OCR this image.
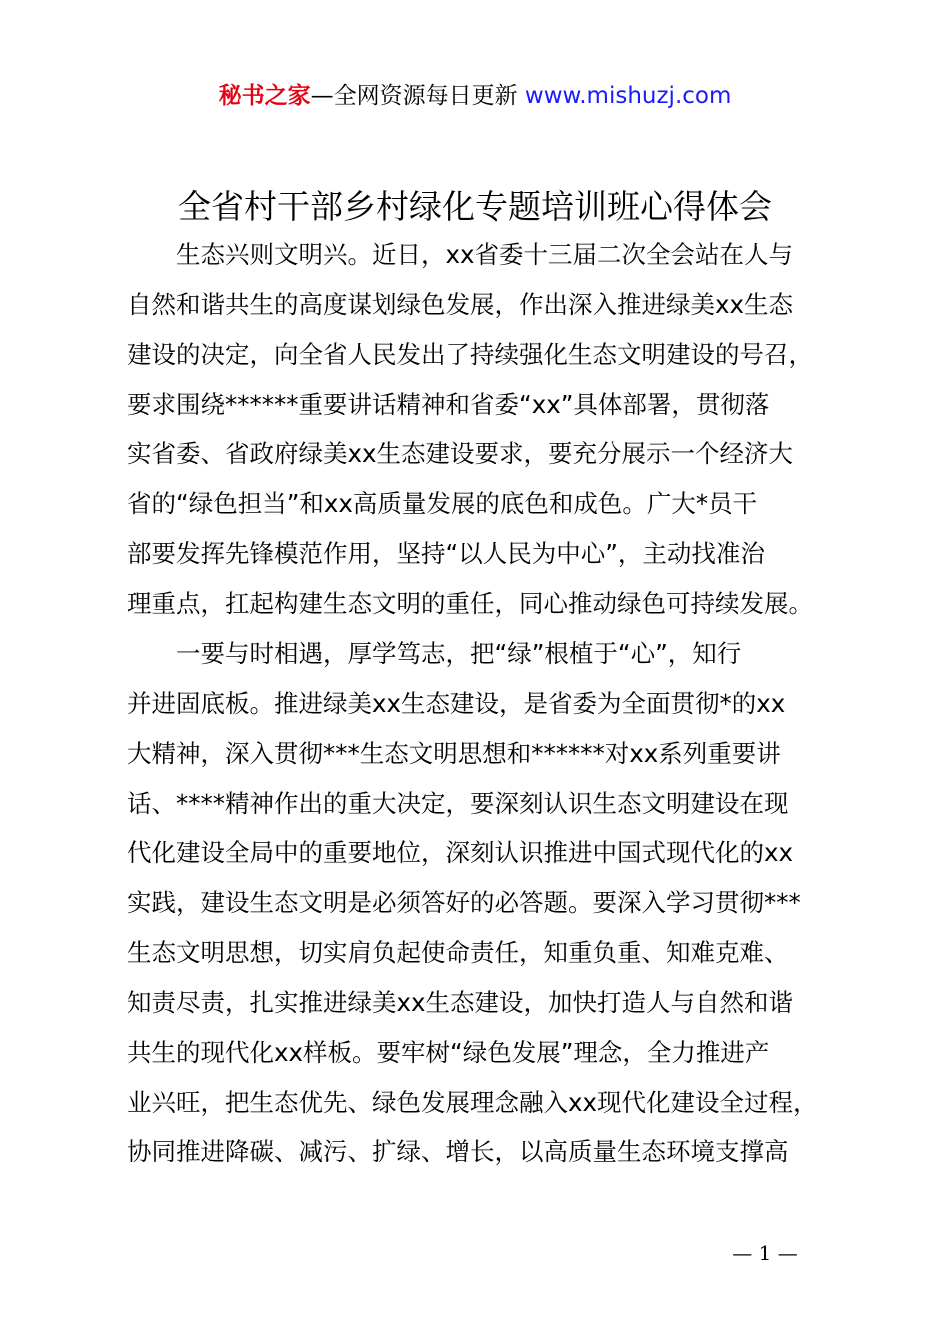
秘书之家—全网资源每日更新 www.mishuzj.com
全省村干部乡村绿化专题培训班心得体会
　　生态兴则文明兴。近日，xx省委十三届二次全会站在人与
自然和谐共生的高度谋划绿色发展，作出深入推进绿美xx生态
建设的决定，向全省人民发出了持续强化生态文明建设的号召，
要求围绕******重要讲话精神和省委“xx”具体部署，贯彻落
实省委、省政府绿美xx生态建设要求，要充分展示一个经济大
省的“绿色担当”和xx高质量发展的底色和成色。广大*员干
部要发挥先锋模范作用，坚持“以人民为中心”，主动找准治
理重点，扛起构建生态文明的重任，同心推动绿色可持续发展。
　　一要与时相遇，厚学笃志，把“绿”根植于“心”，知行
并进固底板。推进绿美xx生态建设，是省委为全面贯彻*的xx
大精神，深入贯彻***生态文明思想和******对xx系列重要讲
话、****精神作出的重大决定，要深刻认识生态文明建设在现
代化建设全局中的重要地位，深刻认识推进中国式现代化的xx
实践，建设生态文明是必须答好的必答题。要深入学习贯彻***
生态文明思想，切实肩负起使命责任，知重负重、知难克难、
知责尽责，扎实推进绿美xx生态建设，加快打造人与自然和谐
共生的现代化xx样板。要牢树“绿色发展”理念，全力推进产
业兴旺，把生态优先、绿色发展理念融入xx现代化建设全过程，
协同推进降碳、减污、扩绿、增长，以高质量生态环境支撑高
— 1 —
